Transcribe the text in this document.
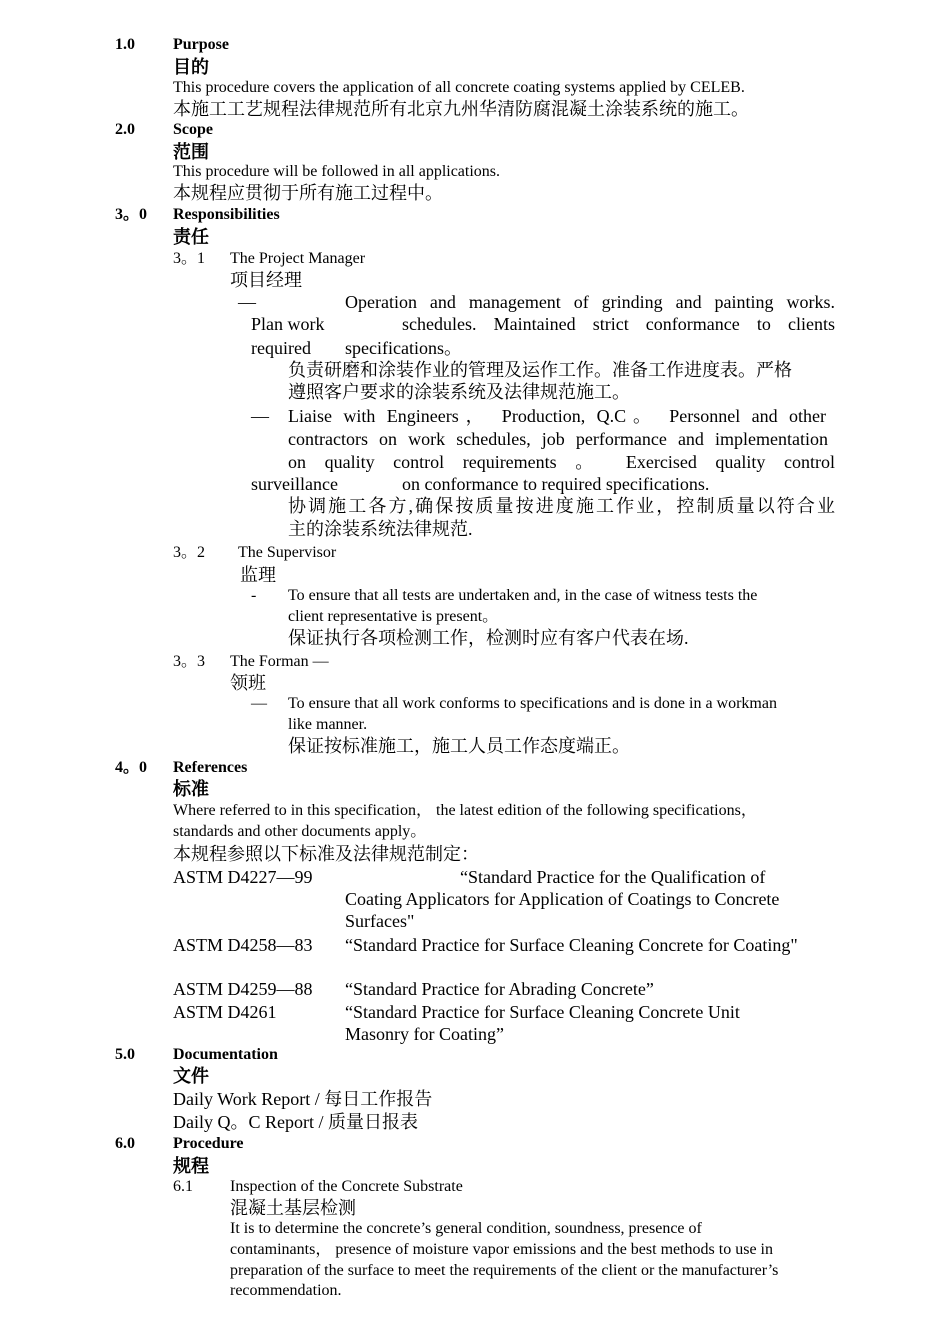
1.0 Purpose
目的
This procedure covers the application of all concrete coating systems applied by CELEB.
本施工工艺规程法律规范所有北京九州华清防腐混凝土涂装系统的施工。
2.0 Scope
范围
This procedure will be followed in all applications.
本规程应贯彻于所有施工过程中。
3。0 Responsibilities
责任
3。1 The Project Manager
项目经理
—	Operation and management of grinding and painting works.
Plan work	schedules. Maintained strict conformance to clients
required specifications。
负责研磨和涂装作业的管理及运作工作。准备工作进度表。严格
遵照客户要求的涂装系统及法律规范施工。
— Liaise with Engineers， Production, Q.C。 Personnel and other
contractors on work schedules, job performance and implementation
on quality control requirements 。 Exercised quality control
surveillance	on conformance to required specifications.
协调施工各方,确保按质量按进度施工作业，控制质量以符合业
主的涂装系统法律规范.
3。2 The Supervisor
监理
- To ensure that all tests are undertaken and, in the case of witness tests the
client representative is present。
保证执行各项检测工作，检测时应有客户代表在场.
3。3 The Forman —
领班
— To ensure that all work conforms to specifications and is done in a workman
like manner.
保证按标准施工，施工人员工作态度端正。
4。0 References
标准
Where referred to in this specification， the latest edition of the following specifications，
standards and other documents apply。
本规程参照以下标准及法律规范制定：
ASTM D4227—99	“Standard Practice for the Qualification of
Coating Applicators for Application of Coatings to Concrete
Surfaces"
ASTM D4258—83 “Standard Practice for Surface Cleaning Concrete for Coating"
ASTM D4259—88 “Standard Practice for Abrading Concrete”
ASTM D4261	“Standard Practice for Surface Cleaning Concrete Unit
Masonry for Coating”
5.0 Documentation
文件
Daily Work Report / 每日工作报告
Daily Q。C Report / 质量日报表
6.0 Procedure
规程
6.1 Inspection of the Concrete Substrate
混凝土基层检测
It is to determine the concrete’s general condition, soundness, presence of
contaminants， presence of moisture vapor emissions and the best methods to use in
preparation of the surface to meet the requirements of the client or the manufacturer’s
recommendation.
